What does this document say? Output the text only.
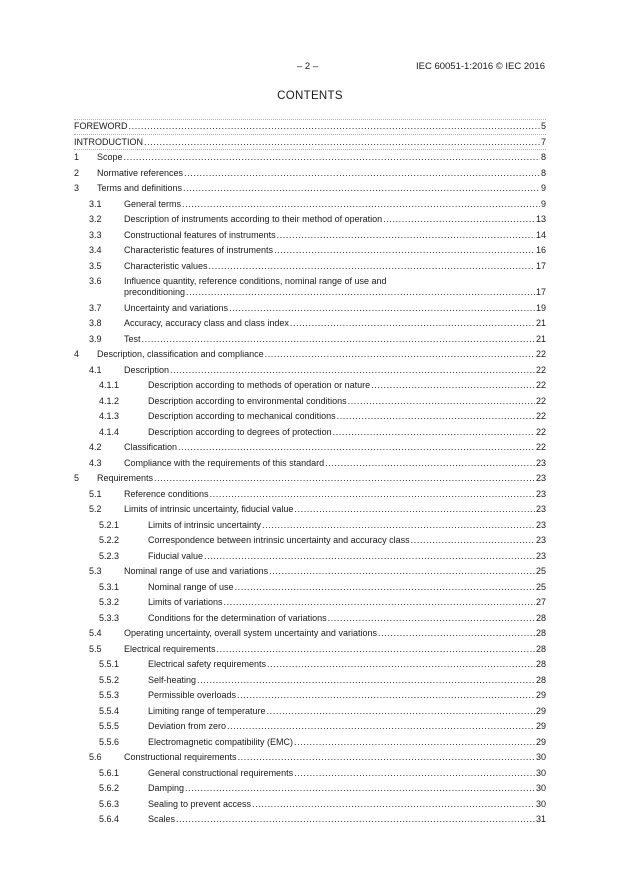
– 2 –	IEC 60051-1:2016 © IEC 2016
CONTENTS
FOREWORD .....	5
INTRODUCTION .....	7
1 Scope .....	8
2 Normative references .....	8
3 Terms and definitions .....	9
3.1 General terms .....	9
3.2 Description of instruments according to their method of operation .....	13
3.3 Constructional features of instruments .....	14
3.4 Characteristic features of instruments .....	16
3.5 Characteristic values .....	17
3.6 Influence quantity, reference conditions, nominal range of use and
preconditioning .....	17
3.7 Uncertainty and variations .....	19
3.8 Accuracy, accuracy class and class index .....	21
3.9 Test .....	21
4 Description, classification and compliance .....	22
4.1 Description .....	22
4.1.1	Description according to methods of operation or nature .....	22
4.1.2	Description according to environmental conditions .....	22
4.1.3	Description according to mechanical conditions .....	22
4.1.4	Description according to degrees of protection .....	22
4.2 Classification .....	22
4.3 Compliance with the requirements of this standard .....	23
5 Requirements .....	23
5.1 Reference conditions .....	23
5.2 Limits of intrinsic uncertainty, fiducial value .....	23
5.2.1	Limits of intrinsic uncertainty .....	23
5.2.2	Correspondence between intrinsic uncertainty and accuracy class .....	23
5.2.3	Fiducial value .....	23
5.3 Nominal range of use and variations .....	25
5.3.1	Nominal range of use .....	25
5.3.2	Limits of variations .....	27
5.3.3	Conditions for the determination of variations .....	28
5.4 Operating uncertainty, overall system uncertainty and variations .....	28
5.5 Electrical requirements .....	28
5.5.1	Electrical safety requirements .....	28
5.5.2	Self-heating .....	28
5.5.3	Permissible overloads .....	29
5.5.4	Limiting range of temperature .....	29
5.5.5	Deviation from zero .....	29
5.5.6	Electromagnetic compatibility (EMC) .....	29
5.6 Constructional requirements .....	30
5.6.1	General constructional requirements .....	30
5.6.2	Damping .....	30
5.6.3	Sealing to prevent access .....	30
5.6.4	Scales .....	31
